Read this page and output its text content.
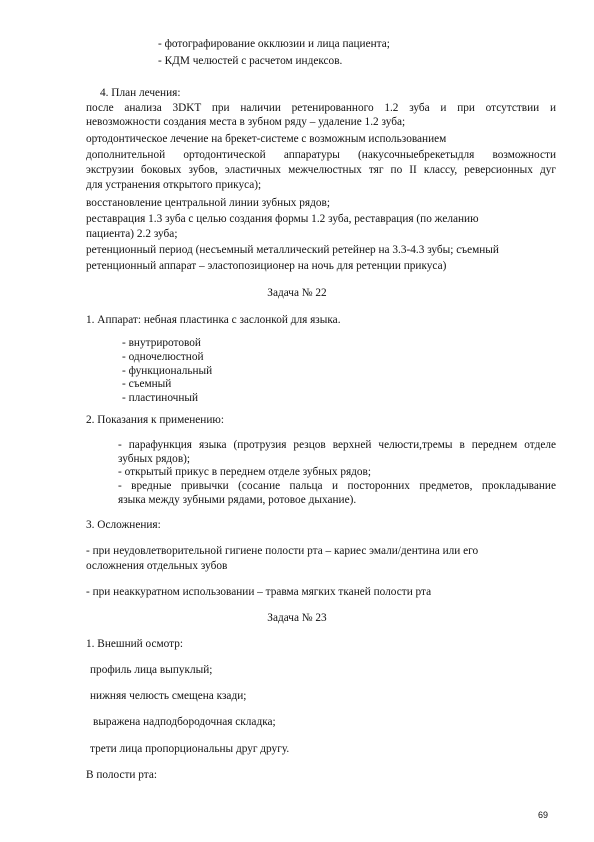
- фотографирование окклюзии и лица пациента;
- КДМ челюстей с расчетом индексов.
4. План лечения:
после анализа 3DKT при наличии ретенированного 1.2 зуба и при отсутствии и
невозможности создания места в зубном ряду – удаление 1.2 зуба;
ортодонтическое лечение на брекет-системе с возможным использованием
дополнительной ортодонтической аппаратуры (накусочныебрекетыдля возможности
экструзии боковых зубов, эластичных межчелюстных тяг по II классу, реверсионных дуг
для устранения открытого прикуса);
восстановление центральной линии зубных рядов;
реставрация 1.3 зуба с целью создания формы 1.2 зуба, реставрация (по желанию
пациента) 2.2 зуба;
ретенционный период (несъемный металлический ретейнер на 3.3-4.3 зубы; съемный
ретенционный аппарат – эластопозиционер на ночь для ретенции прикуса)
Задача № 22
1. Аппарат: небная пластинка с заслонкой для языка.
- внутриротовой
- одночелюстной
- функциональный
- съемный
- пластиночный
2. Показания к применению:
- парафункция языка (протрузия резцов верхней челюсти,тремы в переднем отделе
зубных рядов);
- открытый прикус в переднем отделе зубных рядов;
- вредные привычки (сосание пальца и посторонних предметов, прокладывание
языка между зубными рядами, ротовое дыхание).
3. Осложнения:
- при неудовлетворительной гигиене полости рта – кариес эмали/дентина или его
осложнения отдельных зубов
- при неаккуратном использовании – травма мягких тканей полости рта
Задача № 23
1. Внешний осмотр:
профиль лица выпуклый;
нижняя челюсть смещена кзади;
выражена надподбородочная складка;
трети лица пропорциональны друг другу.
В полости рта:
69
